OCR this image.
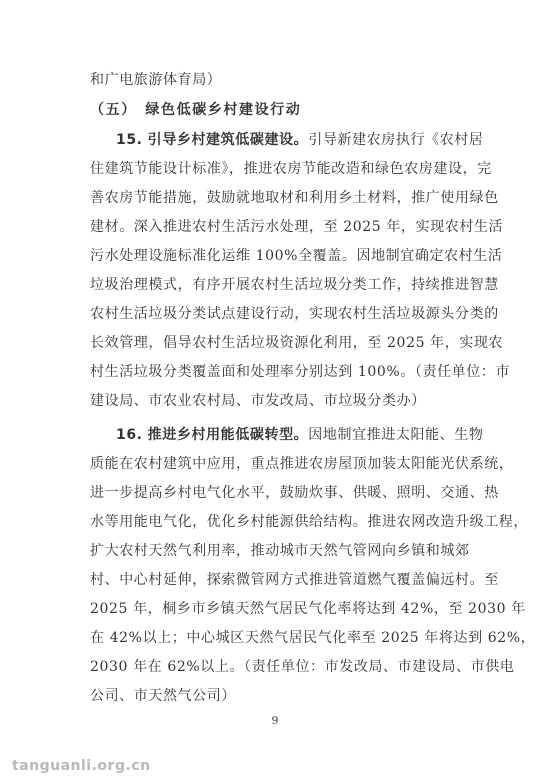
和广电旅游体育局）
（五）　绿色低碳乡村建设行动
15. 引导乡村建筑低碳建设。引导新建农房执行《农村居
住建筑节能设计标准》，推进农房节能改造和绿色农房建设，完
善农房节能措施，鼓励就地取材和利用乡土材料，推广使用绿色
建材。深入推进农村生活污水处理，至 2025 年，实现农村生活
污水处理设施标准化运维 100%全覆盖。因地制宜确定农村生活
垃圾治理模式，有序开展农村生活垃圾分类工作，持续推进智慧
农村生活垃圾分类试点建设行动，实现农村生活垃圾源头分类的
长效管理，倡导农村生活垃圾资源化利用，至 2025 年，实现农
村生活垃圾分类覆盖面和处理率分别达到 100%。（责任单位：市
建设局、市农业农村局、市发改局、市垃圾分类办）
16. 推进乡村用能低碳转型。因地制宜推进太阳能、生物
质能在农村建筑中应用，重点推进农房屋顶加装太阳能光伏系统，
进一步提高乡村电气化水平，鼓励炊事、供暖、照明、交通、热
水等用能电气化，优化乡村能源供给结构。推进农网改造升级工程，
扩大农村天然气利用率，推动城市天然气管网向乡镇和城郊
村、中心村延伸，探索微管网方式推进管道燃气覆盖偏远村。至
2025 年，桐乡市乡镇天然气居民气化率将达到 42%，至 2030 年
在 42%以上；中心城区天然气居民气化率至 2025 年将达到 62%，
2030 年在 62%以上。（责任单位：市发改局、市建设局、市供电
公司、市天然气公司）
9
tanguanli.org.cn
